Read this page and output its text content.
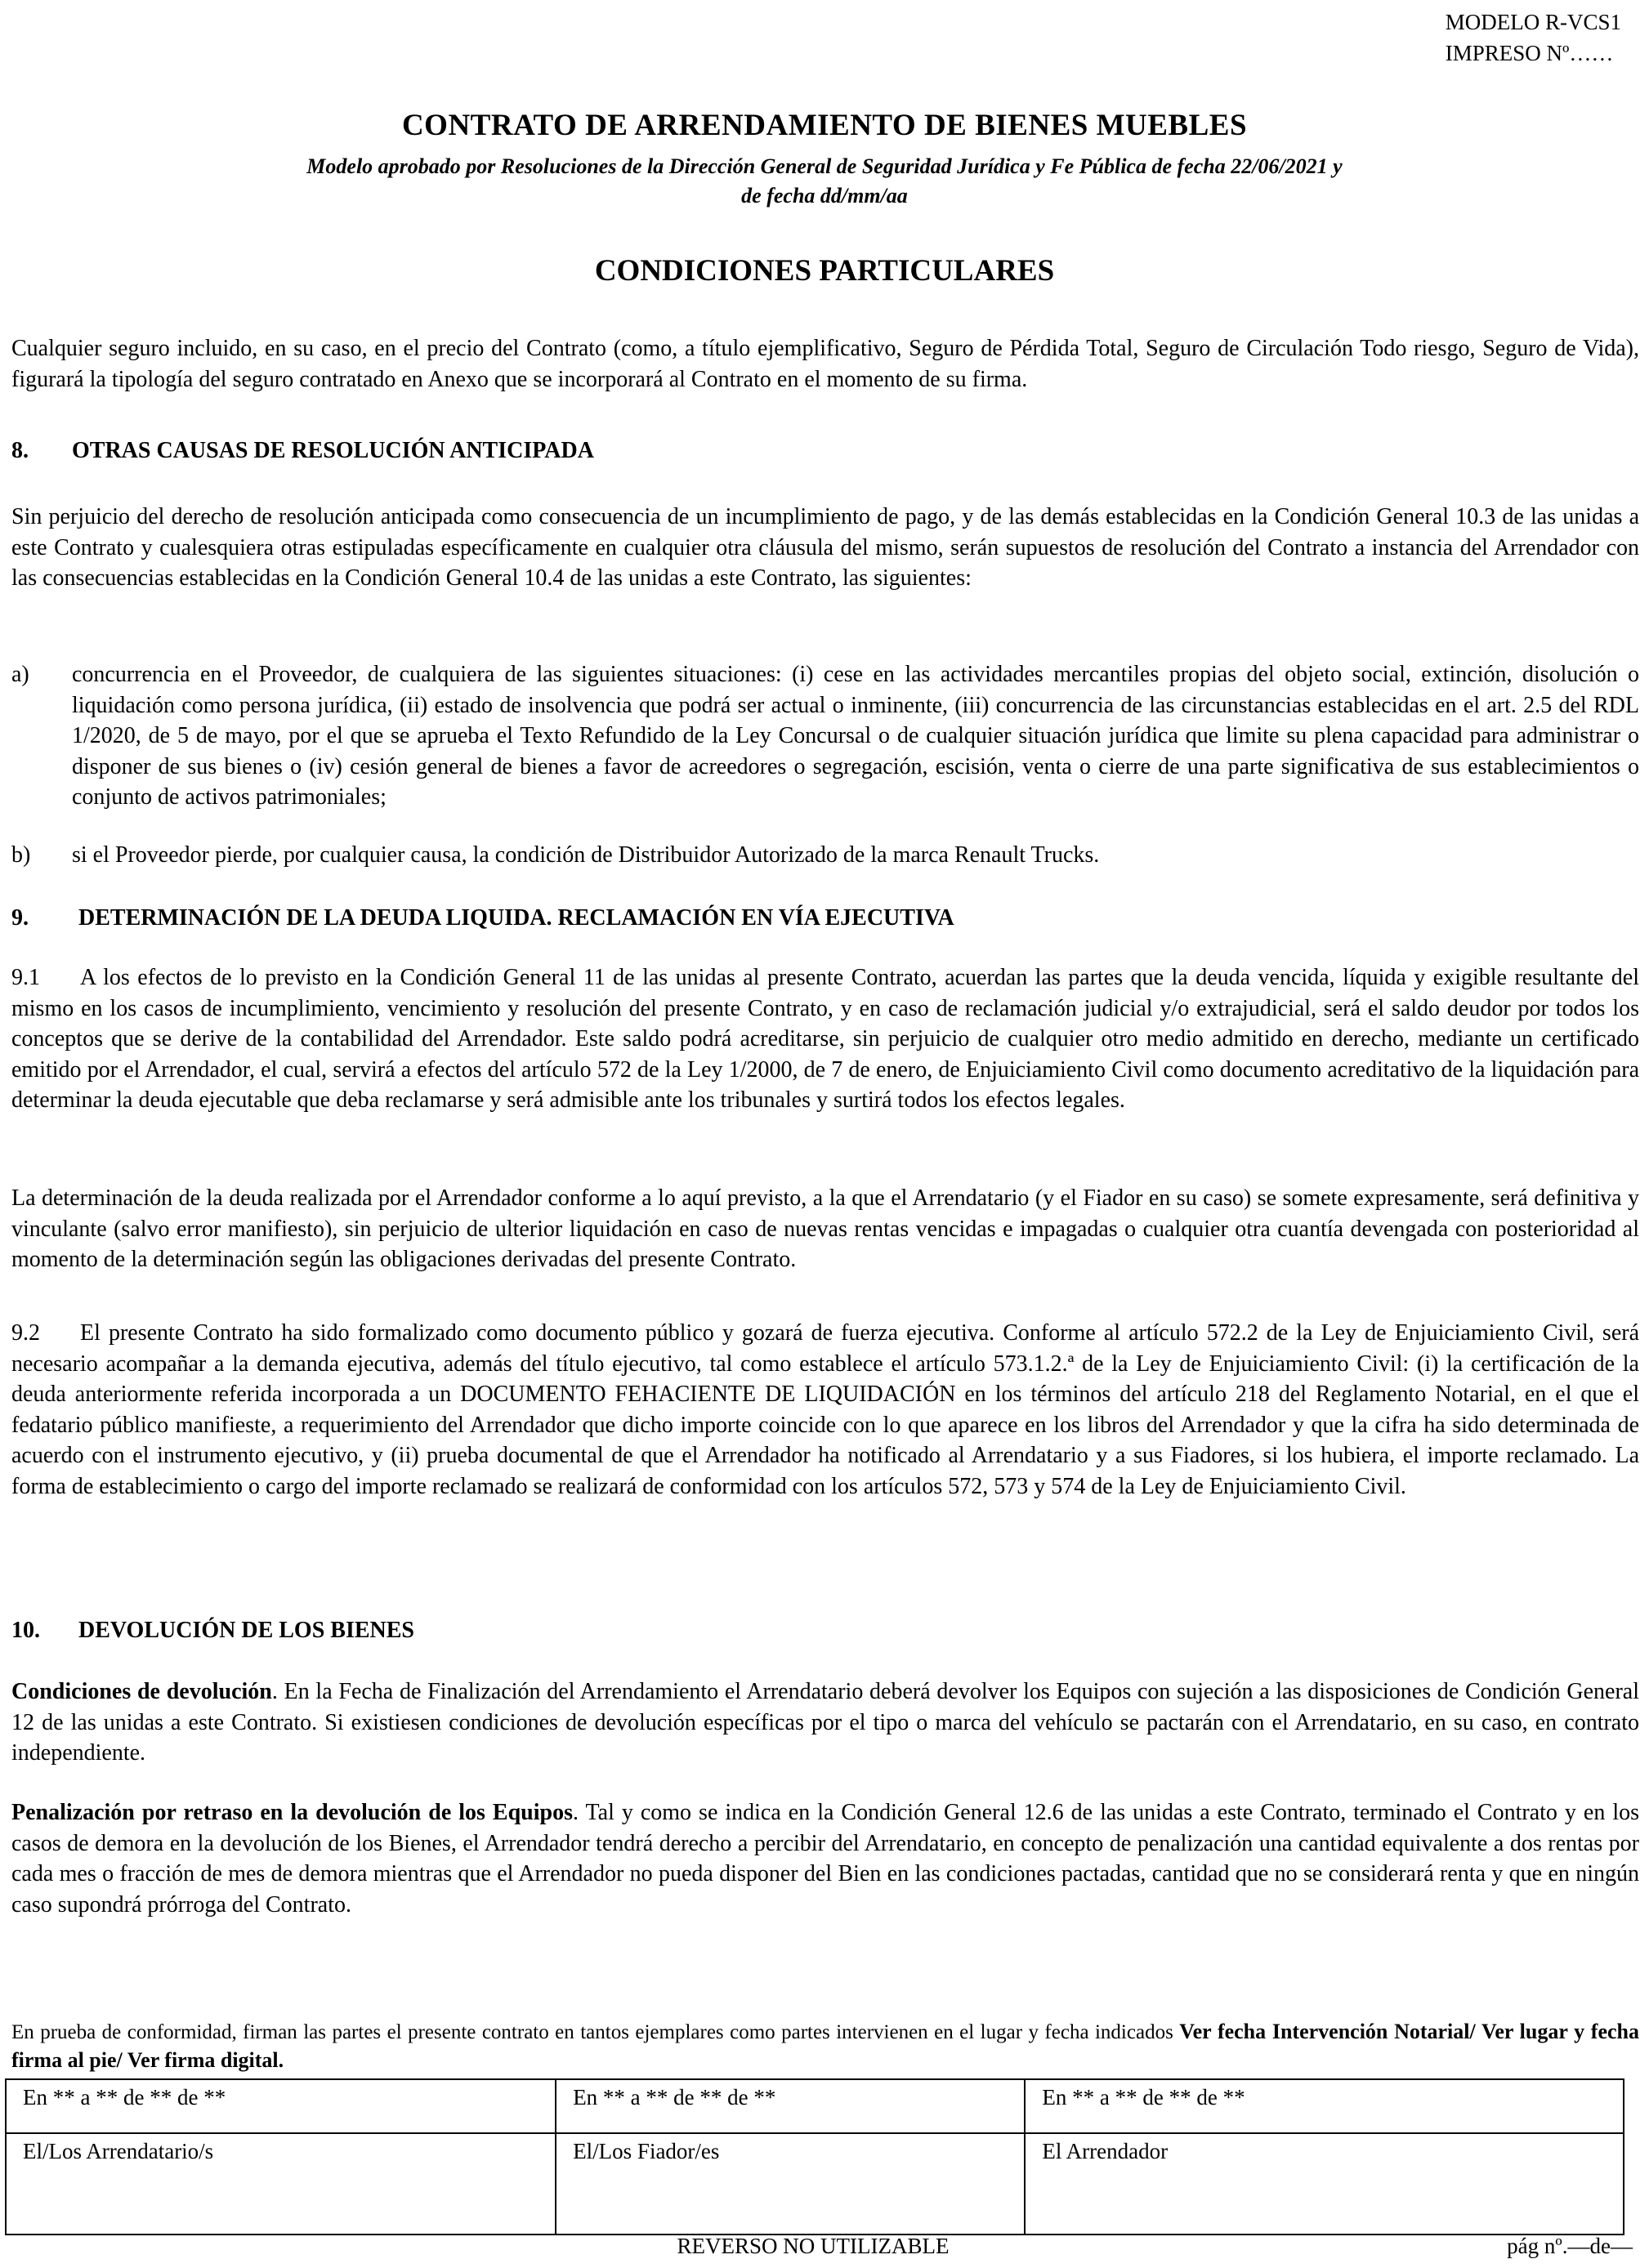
MODELO R-VCS1
IMPRESO Nº……
CONTRATO DE ARRENDAMIENTO DE BIENES MUEBLES
Modelo aprobado por Resoluciones de la Dirección General de Seguridad Jurídica y Fe Pública de fecha 22/06/2021 y
de fecha dd/mm/aa
CONDICIONES PARTICULARES

Cualquier seguro incluido, en su caso, en el precio del Contrato (como, a título ejemplificativo, Seguro de Pérdida Total, Seguro de Circulación Todo riesgo, Seguro de Vida), figurará la tipología del seguro contratado en Anexo que se incorporará al Contrato en el momento de su firma.

8. OTRAS CAUSAS DE RESOLUCIÓN ANTICIPADA

Sin perjuicio del derecho de resolución anticipada como consecuencia de un incumplimiento de pago, y de las demás establecidas en la Condición General 10.3 de las unidas a este Contrato y cualesquiera otras estipuladas específicamente en cualquier otra cláusula del mismo, serán supuestos de resolución del Contrato a instancia del Arrendador con las consecuencias establecidas en la Condición General 10.4 de las unidas a este Contrato, las siguientes:

a) concurrencia en el Proveedor, de cualquiera de las siguientes situaciones: (i) cese en las actividades mercantiles propias del objeto social, extinción, disolución o liquidación como persona jurídica, (ii) estado de insolvencia que podrá ser actual o inminente, (iii) concurrencia de las circunstancias establecidas en el art. 2.5 del RDL 1/2020, de 5 de mayo, por el que se aprueba el Texto Refundido de la Ley Concursal o de cualquier situación jurídica que limite su plena capacidad para administrar o disponer de sus bienes o (iv) cesión general de bienes a favor de acreedores o segregación, escisión, venta o cierre de una parte significativa de sus establecimientos o conjunto de activos patrimoniales;
b) si el Proveedor pierde, por cualquier causa, la condición de Distribuidor Autorizado de la marca Renault Trucks.
9. DETERMINACIÓN DE LA DEUDA LIQUIDA. RECLAMACIÓN EN VÍA EJECUTIVA

9.1 A los efectos de lo previsto en la Condición General 11 de las unidas al presente Contrato, acuerdan las partes que la deuda vencida, líquida y exigible resultante del mismo en los casos de incumplimiento, vencimiento y resolución del presente Contrato, y en caso de reclamación judicial y/o extrajudicial, será el saldo deudor por todos los conceptos que se derive de la contabilidad del Arrendador. Este saldo podrá acreditarse, sin perjuicio de cualquier otro medio admitido en derecho, mediante un certificado emitido por el Arrendador, el cual, servirá a efectos del artículo 572 de la Ley 1/2000, de 7 de enero, de Enjuiciamiento Civil como documento acreditativo de la liquidación para determinar la deuda ejecutable que deba reclamarse y será admisible ante los tribunales y surtirá todos los efectos legales.

La determinación de la deuda realizada por el Arrendador conforme a lo aquí previsto, a la que el Arrendatario (y el Fiador en su caso) se somete expresamente, será definitiva y vinculante (salvo error manifiesto), sin perjuicio de ulterior liquidación en caso de nuevas rentas vencidas e impagadas o cualquier otra cuantía devengada con posterioridad al momento de la determinación según las obligaciones derivadas del presente Contrato.

9.2 El presente Contrato ha sido formalizado como documento público y gozará de fuerza ejecutiva. Conforme al artículo 572.2 de la Ley de Enjuiciamiento Civil, será necesario acompañar a la demanda ejecutiva, además del título ejecutivo, tal como establece el artículo 573.1.2.ª de la Ley de Enjuiciamiento Civil: (i) la certificación de la deuda anteriormente referida incorporada a un DOCUMENTO FEHACIENTE DE LIQUIDACIÓN en los términos del artículo 218 del Reglamento Notarial, en el que el fedatario público manifieste, a requerimiento del Arrendador que dicho importe coincide con lo que aparece en los libros del Arrendador y que la cifra ha sido determinada de acuerdo con el instrumento ejecutivo, y (ii) prueba documental de que el Arrendador ha notificado al Arrendatario y a sus Fiadores, si los hubiera, el importe reclamado. La forma de establecimiento o cargo del importe reclamado se realizará de conformidad con los artículos 572, 573 y 574 de la Ley de Enjuiciamiento Civil.

10. DEVOLUCIÓN DE LOS BIENES

Condiciones de devolución. En la Fecha de Finalización del Arrendamiento el Arrendatario deberá devolver los Equipos con sujeción a las disposiciones de Condición General 12 de las unidas a este Contrato. Si existiesen condiciones de devolución específicas por el tipo o marca del vehículo se pactarán con el Arrendatario, en su caso, en contrato independiente.

Penalización por retraso en la devolución de los Equipos. Tal y como se indica en la Condición General 12.6 de las unidas a este Contrato, terminado el Contrato y en los casos de demora en la devolución de los Bienes, el Arrendador tendrá derecho a percibir del Arrendatario, en concepto de penalización una cantidad equivalente a dos rentas por cada mes o fracción de mes de demora mientras que el Arrendador no pueda disponer del Bien en las condiciones pactadas, cantidad que no se considerará renta y que en ningún caso supondrá prórroga del Contrato.

En prueba de conformidad, firman las partes el presente contrato en tantos ejemplares como partes intervienen en el lugar y fecha indicados Ver fecha Intervención Notarial/ Ver lugar y fecha firma al pie/ Ver firma digital.

En ** a ** de ** de **	En ** a ** de ** de **	En ** a ** de ** de **
El/Los Arrendatario/s	El/Los Fiador/es	El Arrendador
REVERSO NO UTILIZABLE	pág nº.—de—
